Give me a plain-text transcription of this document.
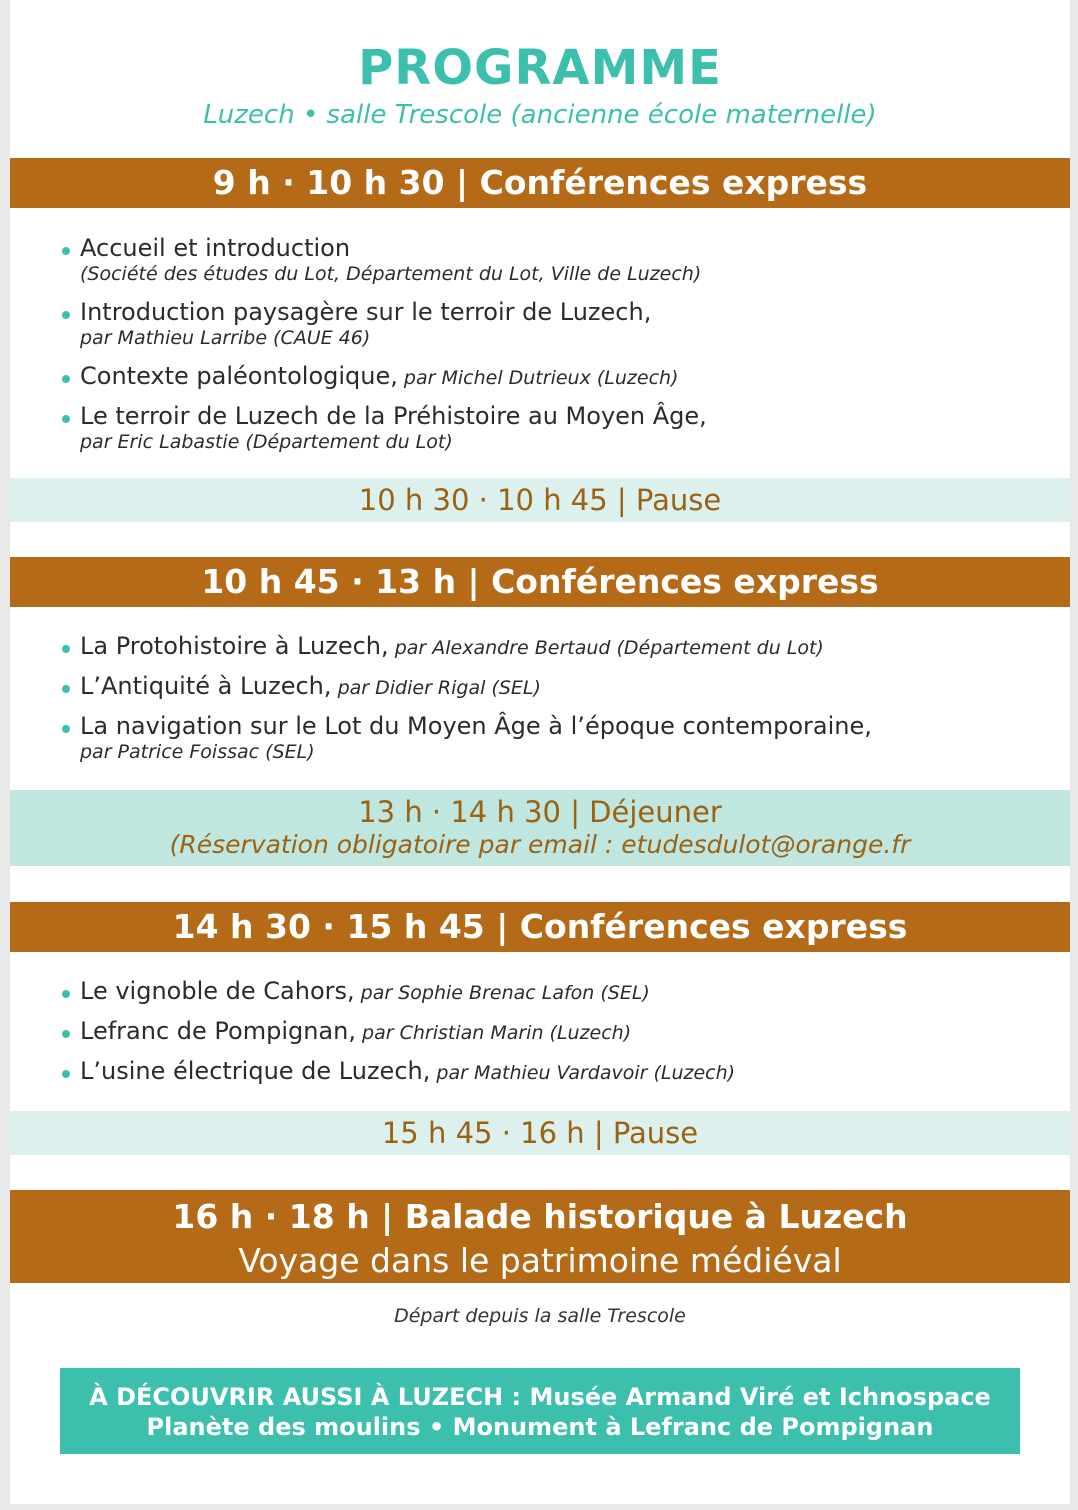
PROGRAMME
Luzech • salle Trescole (ancienne école maternelle)
9 h · 10 h 30 | Conférences express
Accueil et introduction
(Société des études du Lot, Département du Lot, Ville de Luzech)
Introduction paysagère sur le terroir de Luzech,
par Mathieu Larribe (CAUE 46)
Contexte paléontologique, par Michel Dutrieux (Luzech)
Le terroir de Luzech de la Préhistoire au Moyen Âge,
par Eric Labastie (Département du Lot)
10 h 30 · 10 h 45 | Pause
10 h 45 · 13 h | Conférences express
La Protohistoire à Luzech, par Alexandre Bertaud (Département du Lot)
L’Antiquité à Luzech, par Didier Rigal (SEL)
La navigation sur le Lot du Moyen Âge à l’époque contemporaine,
par Patrice Foissac (SEL)
13 h · 14 h 30 | Déjeuner
(Réservation obligatoire par email : etudesdulot@orange.fr
14 h 30 · 15 h 45 | Conférences express
Le vignoble de Cahors, par Sophie Brenac Lafon (SEL)
Lefranc de Pompignan, par Christian Marin (Luzech)
L’usine électrique de Luzech, par Mathieu Vardavoir (Luzech)
15 h 45 · 16 h | Pause
16 h · 18 h | Balade historique à Luzech
Voyage dans le patrimoine médiéval
Départ depuis la salle Trescole
À DÉCOUVRIR AUSSI À LUZECH : Musée Armand Viré et Ichnospace
Planète des moulins • Monument à Lefranc de Pompignan
